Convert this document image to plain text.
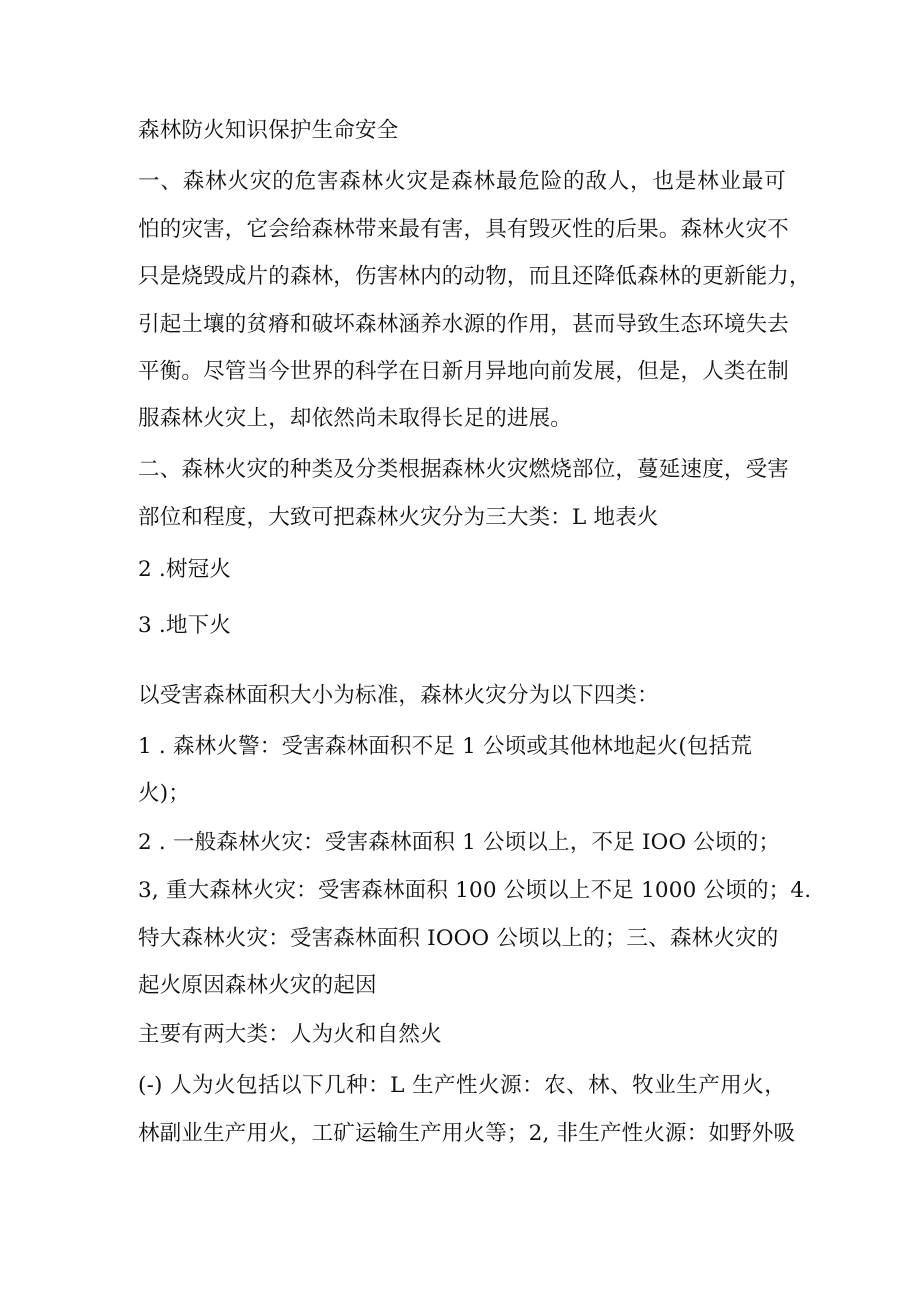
森林防火知识保护生命安全
一、森林火灾的危害森林火灾是森林最危险的敌人，也是林业最可
怕的灾害，它会给森林带来最有害，具有毁灭性的后果。森林火灾不
只是烧毁成片的森林，伤害林内的动物，而且还降低森林的更新能力，
引起土壤的贫瘠和破坏森林涵养水源的作用，甚而导致生态环境失去
平衡。尽管当今世界的科学在日新月异地向前发展，但是，人类在制
服森林火灾上，却依然尚未取得长足的进展。
二、森林火灾的种类及分类根据森林火灾燃烧部位，蔓延速度，受害
部位和程度，大致可把森林火灾分为三大类：L 地表火
2 .树冠火
3 .地下火
以受害森林面积大小为标准，森林火灾分为以下四类：
1 . 森林火警：受害森林面积不足 1 公顷或其他林地起火(包括荒
火)；
2 . 一般森林火灾：受害森林面积 1 公顷以上，不足 IOO 公顷的；
3, 重大森林火灾：受害森林面积 100 公顷以上不足 1000 公顷的；4.
特大森林火灾：受害森林面积 IOOO 公顷以上的；三、森林火灾的
起火原因森林火灾的起因
主要有两大类：人为火和自然火
(-) 人为火包括以下几种：L 生产性火源：农、林、牧业生产用火，
林副业生产用火，工矿运输生产用火等；2, 非生产性火源：如野外吸
